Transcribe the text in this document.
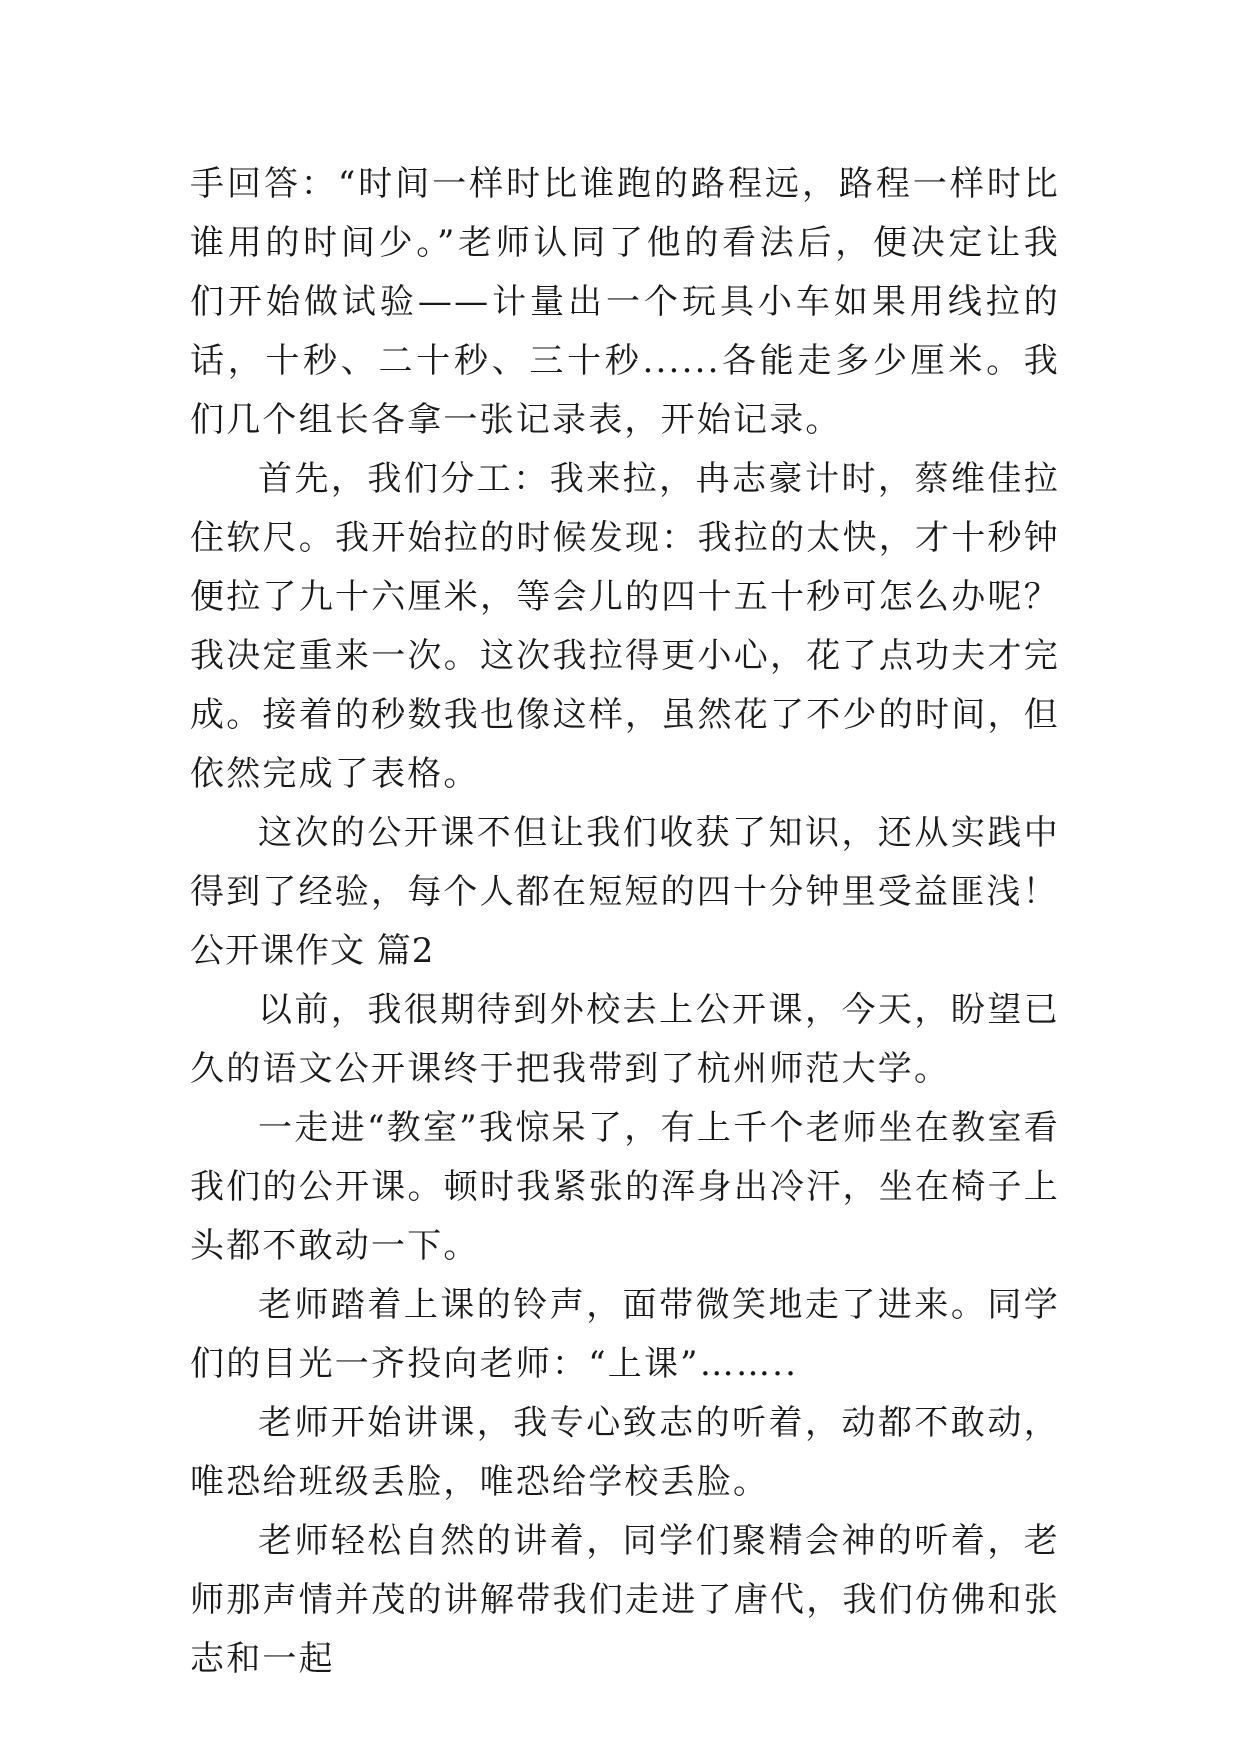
手回答：“时间一样时比谁跑的路程远，路程一样时比谁用的时间少。”老师认同了他的看法后，便决定让我们开始做试验——计量出一个玩具小车如果用线拉的话，十秒、二十秒、三十秒......各能走多少厘米。我们几个组长各拿一张记录表，开始记录。

首先，我们分工：我来拉，冉志豪计时，蔡维佳拉住软尺。我开始拉的时候发现：我拉的太快，才十秒钟便拉了九十六厘米，等会儿的四十五十秒可怎么办呢？我决定重来一次。这次我拉得更小心，花了点功夫才完成。接着的秒数我也像这样，虽然花了不少的时间，但依然完成了表格。

这次的公开课不但让我们收获了知识，还从实践中得到了经验，每个人都在短短的四十分钟里受益匪浅！

公开课作文 篇2

以前，我很期待到外校去上公开课，今天，盼望已久的语文公开课终于把我带到了杭州师范大学。

一走进“教室”我惊呆了，有上千个老师坐在教室看我们的公开课。顿时我紧张的浑身出冷汗，坐在椅子上头都不敢动一下。

老师踏着上课的铃声，面带微笑地走了进来。同学们的目光一齐投向老师：“上课”……..

老师开始讲课，我专心致志的听着，动都不敢动，唯恐给班级丢脸，唯恐给学校丢脸。

老师轻松自然的讲着，同学们聚精会神的听着，老师那声情并茂的讲解带我们走进了唐代，我们仿佛和张志和一起
